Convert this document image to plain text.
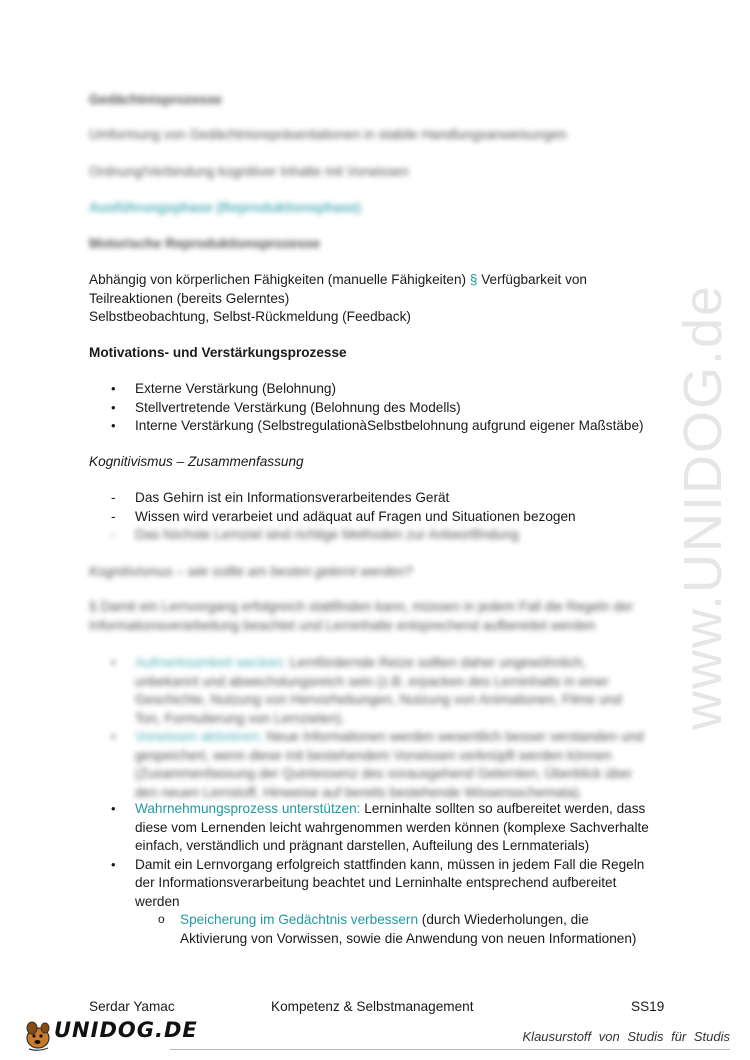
Gedächtnisprozesse
Umformung von Gedächtnisrepräsentationen in stabile Handlungsanweisungen
Ordnung/Verbindung kognitiver Inhalte mit Vorwissen
Ausführungsphase (Reproduktionsphase)
Motorische Reproduktionsprozesse
Abhängig von körperlichen Fähigkeiten (manuelle Fähigkeiten) § Verfügbarkeit von
Teilreaktionen (bereits Gelerntes)
Selbstbeobachtung, Selbst-Rückmeldung (Feedback)
Motivations- und Verstärkungsprozesse
• Externe Verstärkung (Belohnung)
• Stellvertretende Verstärkung (Belohnung des Modells)
• Interne Verstärkung (SelbstregulationàSelbstbelohnung aufgrund eigener Maßstäbe)
Kognitivismus – Zusammenfassung
- Das Gehirn ist ein Informationsverarbeitendes Gerät
- Wissen wird verarbeiet und adäquat auf Fragen und Situationen bezogen
- Das höchste Lernziel sind richtige Methoden zur Antwortfindung
Kognitivismus – wie sollte am besten gelernt werden?
§ Damit ein Lernvorgang erfolgreich stattfinden kann, müssen in jedem Fall die Regeln der
Informationsverarbeitung beachtet und Lerninhalte entsprechend aufbereitet werden
• Aufmerksamkeit wecken: Lernfördernde Reize sollten daher ungewöhnlich,
unbekannt und abwechslungsreich sein (z.B. erpacken des Lerninhalts in einer
Geschichte, Nutzung von Hervorhebungen, Nutzung von Animationen, Filme und
Ton, Formulierung von Lernzielen).
• Vorwissen aktivieren: Neue Informationen werden wesentlich besser verstanden und
gespeichert, wenn diese mit bestehendem Vorwissen verknüpft werden können
(Zusammenfassung der Quintessenz des vorausgehend Gelernten, Überblick über
den neuen Lernstoff, Hinweise auf bereits bestehende Wissensschemata).
• Wahrnehmungsprozess unterstützen: Lerninhalte sollten so aufbereitet werden, dass
diese vom Lernenden leicht wahrgenommen werden können (komplexe Sachverhalte
einfach, verständlich und prägnant darstellen, Aufteilung des Lernmaterials)
• Damit ein Lernvorgang erfolgreich stattfinden kann, müssen in jedem Fall die Regeln
der Informationsverarbeitung beachtet und Lerninhalte entsprechend aufbereitet
werden
o Speicherung im Gedächtnis verbessern (durch Wiederholungen, die
Aktivierung von Vorwissen, sowie die Anwendung von neuen Informationen)
www.UNIDOG.de
Serdar Yamac	Kompetenz & Selbstmanagement	SS19
UNIDOG.DE	Klausurstoff von Studis für Studis
